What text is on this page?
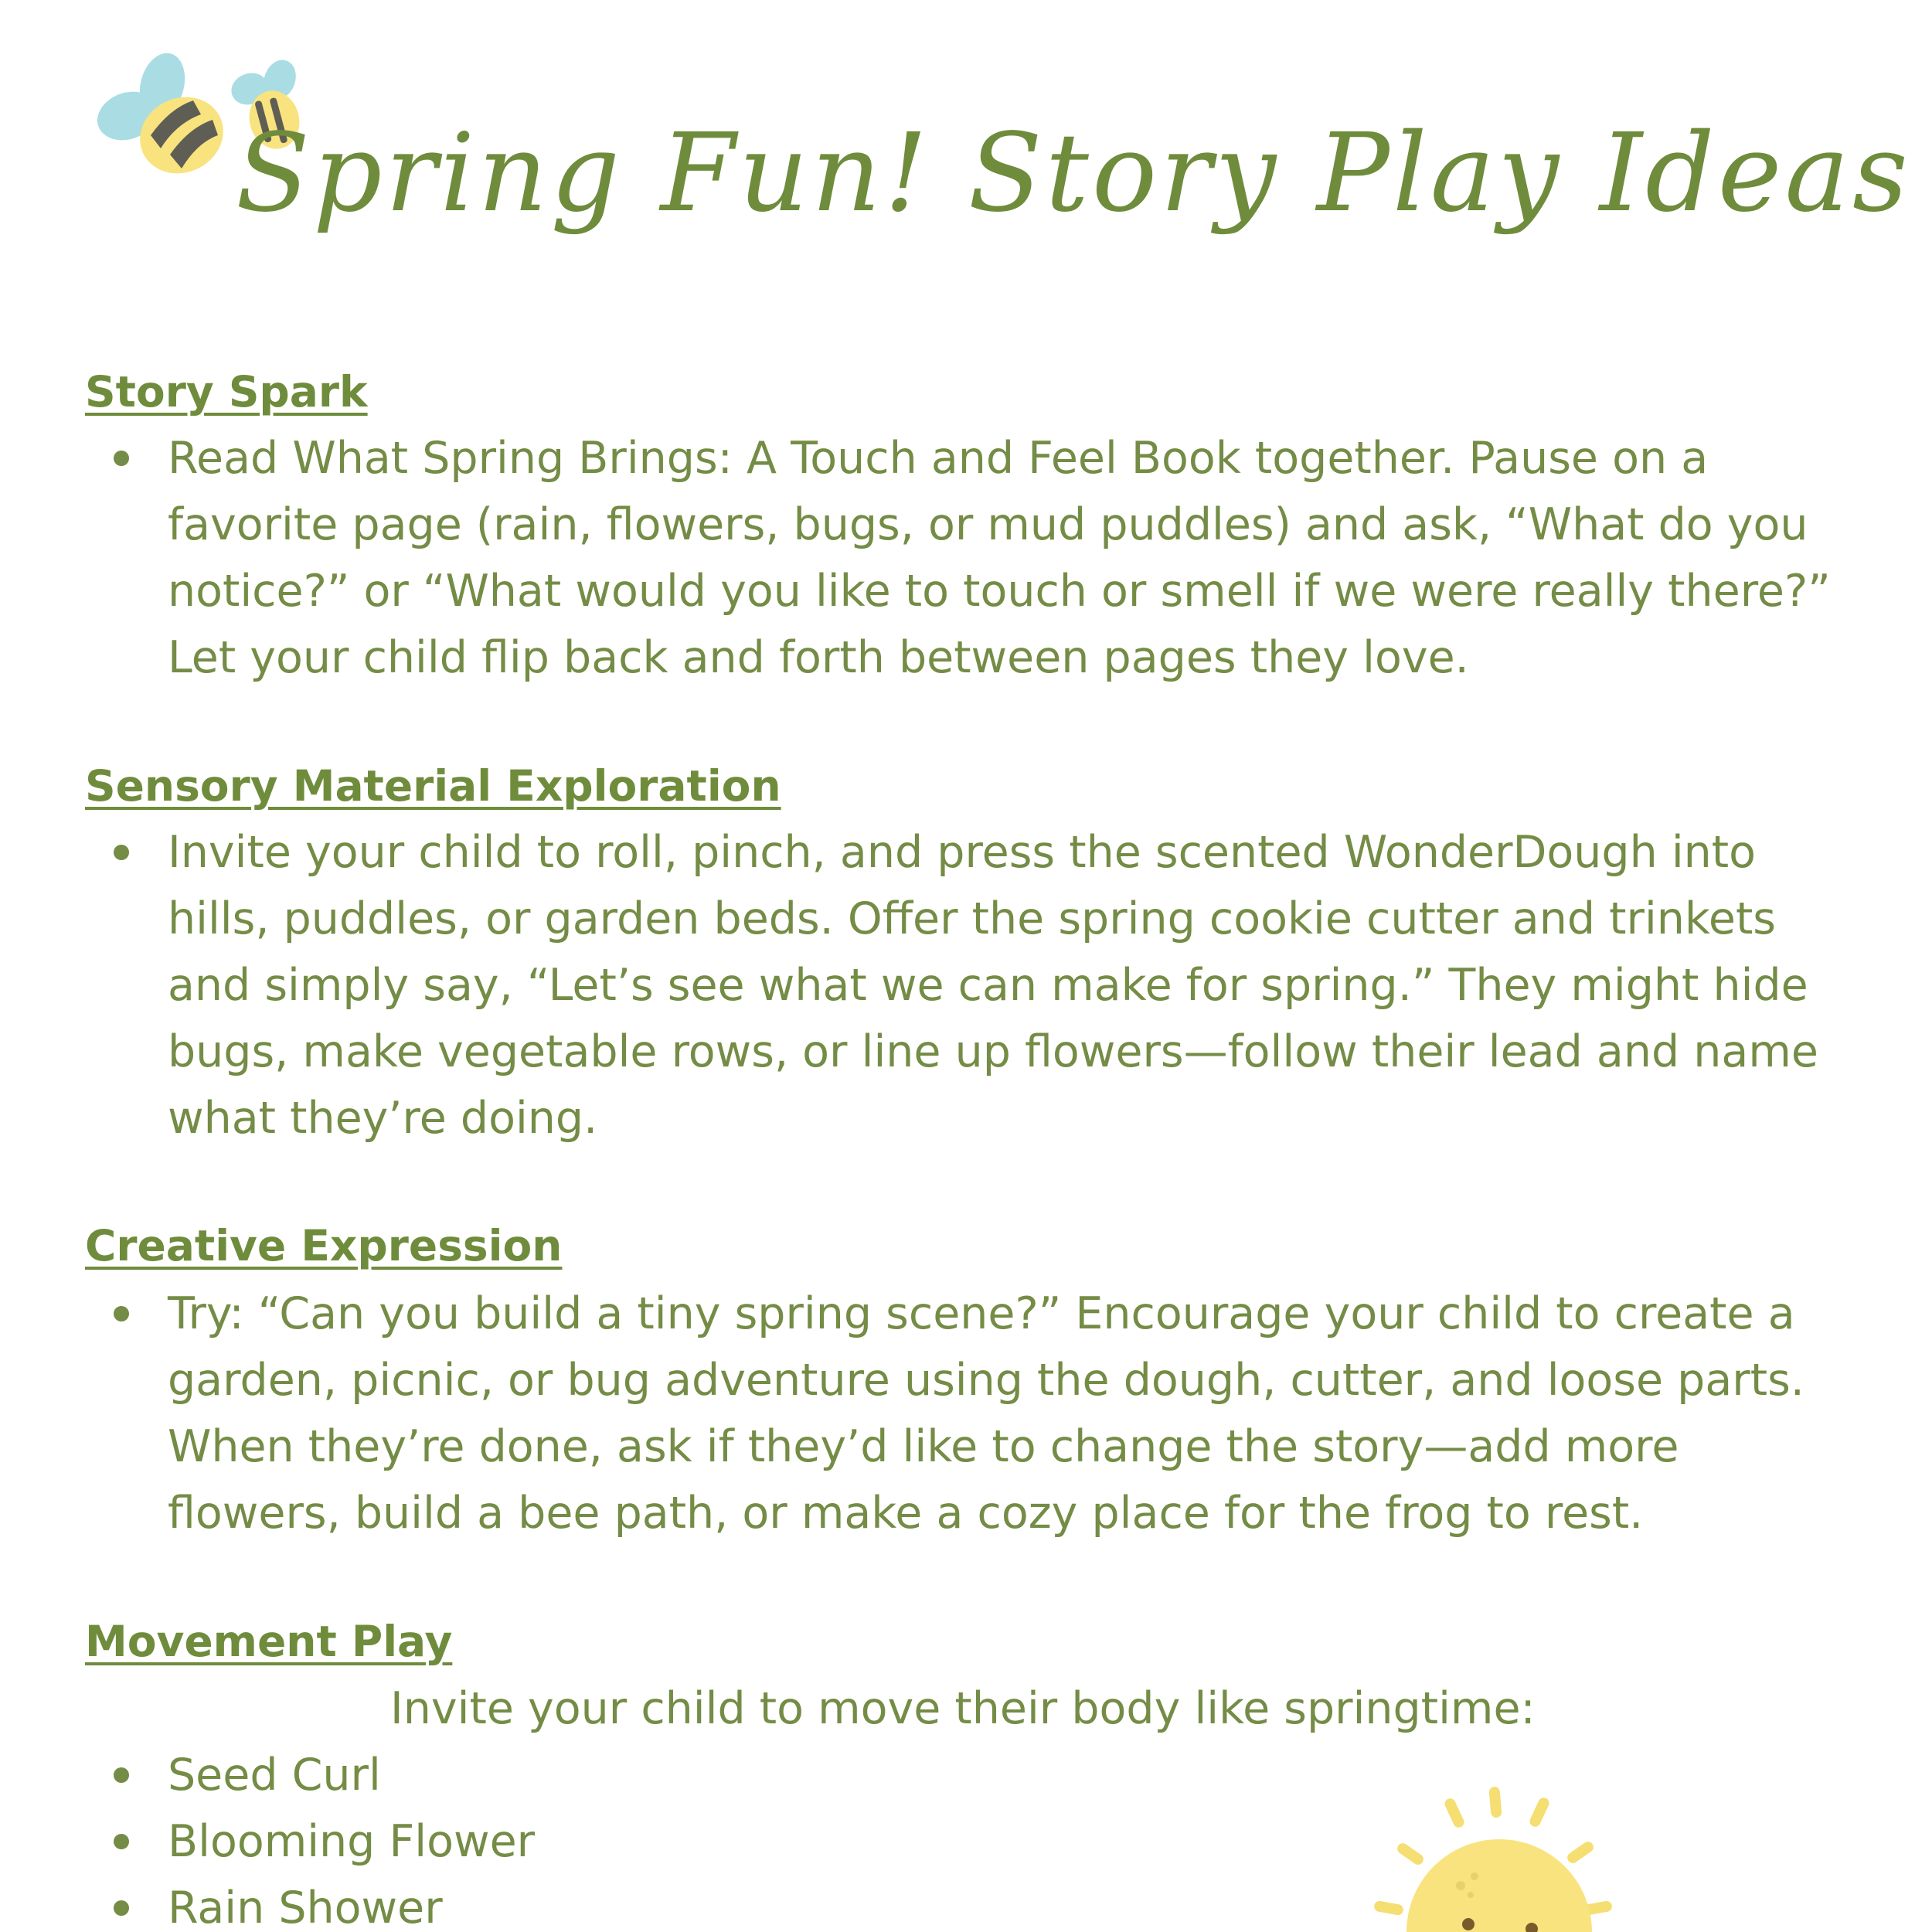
Spring Fun! Story Play Ideas
Story Spark

Read What Spring Brings: A Touch and Feel Book together. Pause on a
favorite page (rain, flowers, bugs, or mud puddles) and ask, “What do you
notice?” or “What would you like to touch or smell if we were really there?”
Let your child flip back and forth between pages they love.

Sensory Material Exploration

Invite your child to roll, pinch, and press the scented WonderDough into
hills, puddles, or garden beds. Offer the spring cookie cutter and trinkets
and simply say, “Let’s see what we can make for spring.” They might hide
bugs, make vegetable rows, or line up flowers—follow their lead and name
what they’re doing.

Creative Expression

Try: “Can you build a tiny spring scene?” Encourage your child to create a
garden, picnic, or bug adventure using the dough, cutter, and loose parts.
When they’re done, ask if they’d like to change the story—add more
flowers, build a bee path, or make a cozy place for the frog to rest.

Movement Play

Invite your child to move their body like springtime:

Seed Curl

Blooming Flower

Rain Shower
